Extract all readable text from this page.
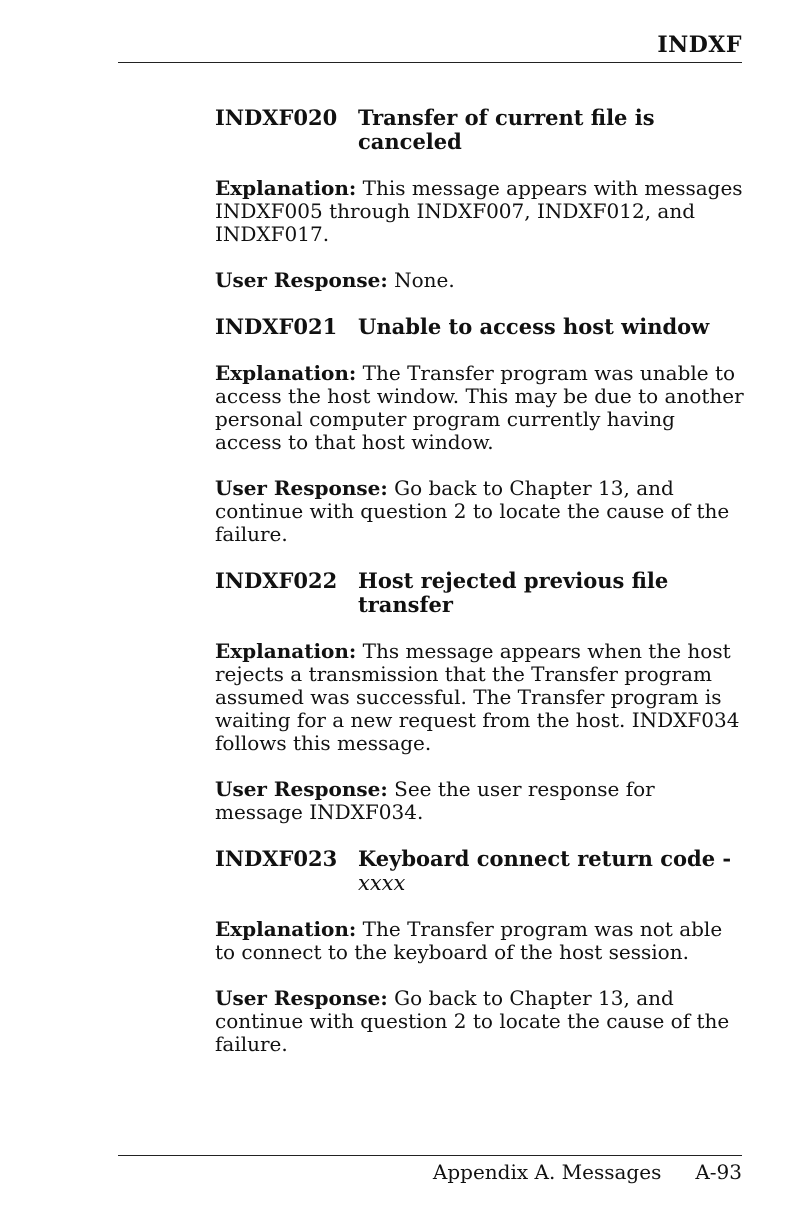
INDXF
INDXF020 Transfer of current file is canceled

Explanation: This message appears with messages INDXF005 through INDXF007, INDXF012, and INDXF017.

User Response: None.

INDXF021 Unable to access host window

Explanation: The Transfer program was unable to access the host window. This may be due to another personal computer program currently having access to that host window.

User Response: Go back to Chapter 13, and continue with question 2 to locate the cause of the failure.

INDXF022 Host rejected previous file transfer

Explanation: Ths message appears when the host rejects a transmission that the Transfer program assumed was successful. The Transfer program is waiting for a new request from the host. INDXF034 follows this message.

User Response: See the user response for message INDXF034.

INDXF023 Keyboard connect return code -
xxxx

Explanation: The Transfer program was not able to connect to the keyboard of the host session.

User Response: Go back to Chapter 13, and continue with question 2 to locate the cause of the failure.

Appendix A. Messages A-93
